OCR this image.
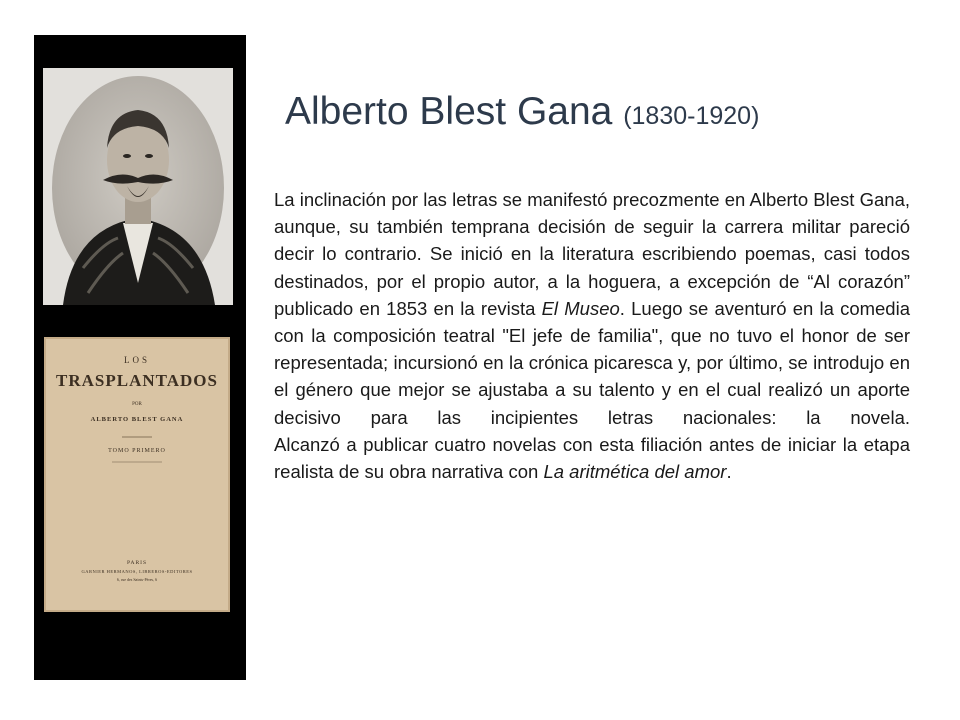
LOS
TRASPLANTADOS
POR
ALBERTO BLEST GANA
TOMO PRIMERO
PARIS
GARNIER HERMANOS, LIBREROS-EDITORES
6, rue des Saints-Pères, 6
Alberto Blest Gana (1830-1920)

La inclinación por las letras se manifestó precozmente en Alberto Blest Gana, aunque, su también temprana decisión de seguir la carrera militar pareció decir lo contrario. Se inició en la literatura escribiendo poemas, casi todos destinados, por el propio autor, a la hoguera, a excepción de “Al corazón” publicado en 1853 en la revista El Museo. Luego se aventuró en la comedia con la composición teatral "El jefe de familia", que no tuvo el honor de ser representada; incursionó en la crónica picaresca y, por último, se introdujo en el género que mejor se ajustaba a su talento y en el cual realizó un aporte decisivo para las incipientes letras nacionales: la novela.

Alcanzó a publicar cuatro novelas con esta filiación antes de iniciar la etapa realista de su obra narrativa con La aritmética del amor.
